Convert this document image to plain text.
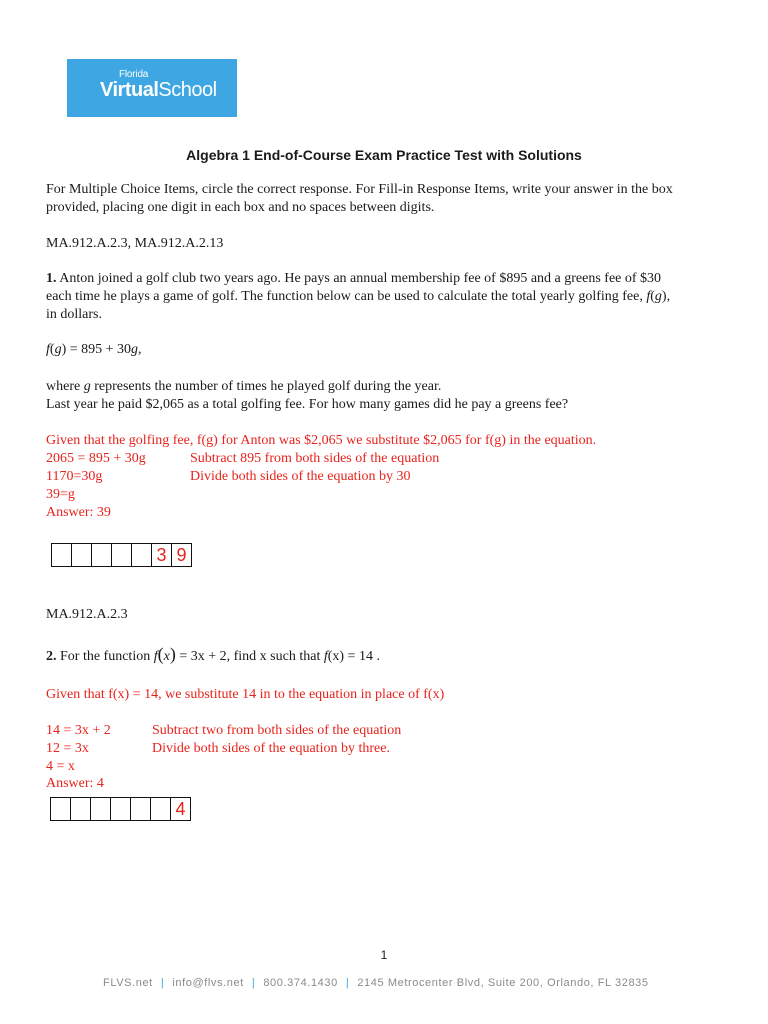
Florida
VirtualSchool
Algebra 1 End-of-Course Exam Practice Test with Solutions
For Multiple Choice Items, circle the correct response. For Fill-in Response Items, write your answer in the box
provided, placing one digit in each box and no spaces between digits.
MA.912.A.2.3, MA.912.A.2.13
1. Anton joined a golf club two years ago. He pays an annual membership fee of $895 and a greens fee of $30
each time he plays a game of golf. The function below can be used to calculate the total yearly golfing fee, f(g),
in dollars.
f(g) = 895 + 30g,
where g represents the number of times he played golf during the year.
Last year he paid $2,065 as a total golfing fee. For how many games did he pay a greens fee?
Given that the golfing fee, f(g) for Anton was $2,065 we substitute $2,065 for f(g) in the equation.
2065 = 895 + 30g	Subtract 895 from both sides of the equation
1170=30g	Divide both sides of the equation by 30
39=g
Answer: 39
3 9
MA.912.A.2.3
2. For the function f(x) = 3x + 2, find x such that f(x) = 14 .
Given that f(x) = 14, we substitute 14 in to the equation in place of f(x)
14 = 3x + 2	Subtract two from both sides of the equation
12 = 3x	Divide both sides of the equation by three.
4 = x
Answer: 4
4
1
FLVS.net | info@flvs.net | 800.374.1430 | 2145 Metrocenter Blvd, Suite 200, Orlando, FL 32835
